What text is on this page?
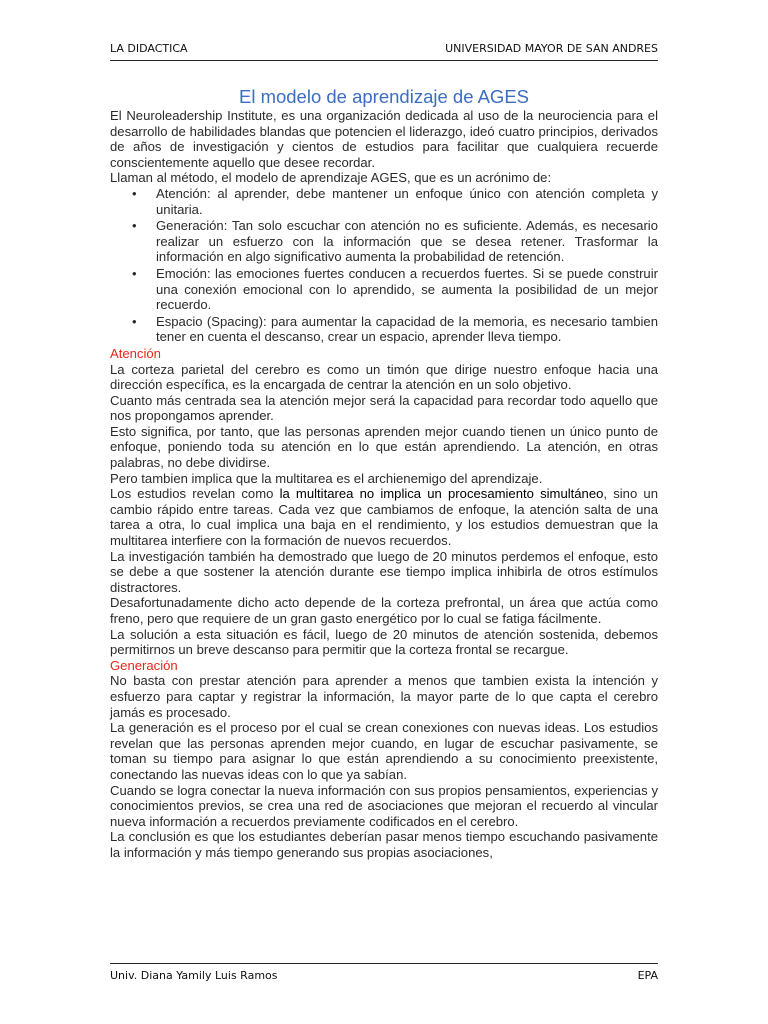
LA DIDACTICA	UNIVERSIDAD MAYOR DE SAN ANDRES
El modelo de aprendizaje de AGES

El Neuroleadership Institute, es una organización dedicada al uso de la neurociencia para el desarrollo de habilidades blandas que potencien el liderazgo, ideó cuatro principios, derivados de años de investigación y cientos de estudios para facilitar que cualquiera recuerde conscientemente aquello que desee recordar.

Llaman al método, el modelo de aprendizaje AGES, que es un acrónimo de:

• Atención: al aprender, debe mantener un enfoque único con atención completa y unitaria.
• Generación: Tan solo escuchar con atención no es suficiente. Además, es necesario realizar un esfuerzo con la información que se desea retener. Trasformar la información en algo significativo aumenta la probabilidad de retención.
• Emoción: las emociones fuertes conducen a recuerdos fuertes. Si se puede construir una conexión emocional con lo aprendido, se aumenta la posibilidad de un mejor recuerdo.
• Espacio (Spacing): para aumentar la capacidad de la memoria, es necesario tambien tener en cuenta el descanso, crear un espacio, aprender lleva tiempo.
Atención

La corteza parietal del cerebro es como un timón que dirige nuestro enfoque hacia una dirección específica, es la encargada de centrar la atención en un solo objetivo.

Cuanto más centrada sea la atención mejor será la capacidad para recordar todo aquello que nos propongamos aprender.

Esto significa, por tanto, que las personas aprenden mejor cuando tienen un único punto de enfoque, poniendo toda su atención en lo que están aprendiendo. La atención, en otras palabras, no debe dividirse.

Pero tambien implica que la multitarea es el archienemigo del aprendizaje.

Los estudios revelan como la multitarea no implica un procesamiento simultáneo, sino un cambio rápido entre tareas. Cada vez que cambiamos de enfoque, la atención salta de una tarea a otra, lo cual implica una baja en el rendimiento, y los estudios demuestran que la multitarea interfiere con la formación de nuevos recuerdos.

La investigación también ha demostrado que luego de 20 minutos perdemos el enfoque, esto se debe a que sostener la atención durante ese tiempo implica inhibirla de otros estímulos distractores.

Desafortunadamente dicho acto depende de la corteza prefrontal, un área que actúa como freno, pero que requiere de un gran gasto energético por lo cual se fatiga fácilmente.

La solución a esta situación es fácil, luego de 20 minutos de atención sostenida, debemos permitirnos un breve descanso para permitir que la corteza frontal se recargue.

Generación

No basta con prestar atención para aprender a menos que tambien exista la intención y esfuerzo para captar y registrar la información, la mayor parte de lo que capta el cerebro jamás es procesado.

La generación es el proceso por el cual se crean conexiones con nuevas ideas. Los estudios revelan que las personas aprenden mejor cuando, en lugar de escuchar pasivamente, se toman su tiempo para asignar lo que están aprendiendo a su conocimiento preexistente, conectando las nuevas ideas con lo que ya sabían.

Cuando se logra conectar la nueva información con sus propios pensamientos, experiencias y conocimientos previos, se crea una red de asociaciones que mejoran el recuerdo al vincular nueva información a recuerdos previamente codificados en el cerebro.

La conclusión es que los estudiantes deberían pasar menos tiempo escuchando pasivamente la información y más tiempo generando sus propias asociaciones,

Univ. Diana Yamily Luis Ramos	EPA
